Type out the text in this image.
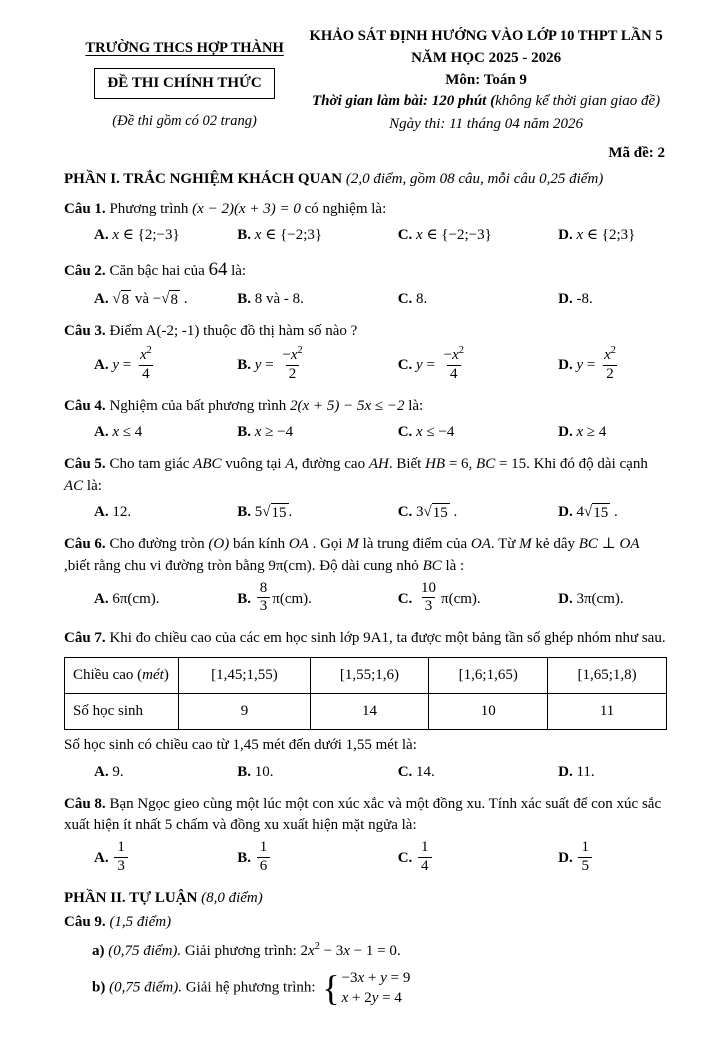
TRƯỜNG THCS HỢP THÀNH
ĐỀ THI CHÍNH THỨC
(Đề thi gồm có 02 trang)
KHẢO SÁT ĐỊNH HƯỚNG VÀO LỚP 10 THPT LẦN 5
NĂM HỌC 2025 - 2026
Môn: Toán 9
Thời gian làm bài: 120 phút (không kể thời gian giao đề)
Ngày thi: 11 tháng 04 năm 2026
Mã đề: 2
PHẦN I. TRẮC NGHIỆM KHÁCH QUAN (2,0 điểm, gồm 08 câu, mỗi câu 0,25 điểm)
Câu 1. Phương trình (x − 2)(x + 3) = 0 có nghiệm là:
A. x ∈ {2;−3}	B. x ∈ {−2;3}	C. x ∈ {−2;−3}	D. x ∈ {2;3}
Câu 2. Căn bậc hai của 64 là:
A. √ 8 và − √ 8 .	B. 8 và - 8.	C. 8.	D. -8.
Câu 3. Điểm A(-2; -1) thuộc đồ thị hàm số nào ?
A. $y = \frac{x^2}{4}$	B. $y = \frac{-x^2}{2}$	C. $y = \frac{-x^2}{4}$	D. $y = \frac{x^2}{2}$
Câu 4. Nghiệm của bất phương trình 2(x + 5) − 5x ≤ −2 là:
A. x ≤ 4	B. x ≥ −4	C. x ≤ −4	D. x ≥ 4
Câu 5. Cho tam giác ABC vuông tại A, đường cao AH. Biết HB = 6, BC = 15. Khi đó độ dài cạnh AC là:
A. 12.	B. 5 √ 15 .	C. 3 √ 15 .	D. 4 √ 15 .
Câu 6. Cho đường tròn (O) bán kính OA . Gọi M là trung điểm của OA. Từ M kẻ dây BC ⊥ OA ,biết rằng chu vi đường tròn bằng 9π(cm). Độ dài cung nhỏ BC là :
A. 6π(cm).	B. $\frac{8}{3} \pi(cm)$.	C. $\frac{10}{3} \pi(cm)$.	D. 3π(cm).
Câu 7. Khi đo chiều cao của các em học sinh lớp 9A1, ta được một bảng tần số ghép nhóm như sau.
Chiều cao (mét)	[1,45;1,55)	[1,55;1,6)	[1,6;1,65)	[1,65;1,8)
Số học sinh	9	14	10	11
Số học sinh có chiều cao từ 1,45 mét đến dưới 1,55 mét là:
A. 9.	B. 10.	C. 14.	D. 11.
Câu 8. Bạn Ngọc gieo cùng một lúc một con xúc xắc và một đồng xu. Tính xác suất để con xúc sắc xuất hiện ít nhất 5 chấm và đồng xu xuất hiện mặt ngửa là:
A. $\frac{1}{3}$	B. $\frac{1}{6}$	C. $\frac{1}{4}$	D. $\frac{1}{5}$
PHẦN II. TỰ LUẬN (8,0 điểm)
Câu 9. (1,5 điểm)
a) (0,75 điểm). Giải phương trình: $2x^2 - 3x - 1 = 0$.
b) (0,75 điểm). Giải hệ phương trình: { −3x + y = 9
x + 2y = 4
